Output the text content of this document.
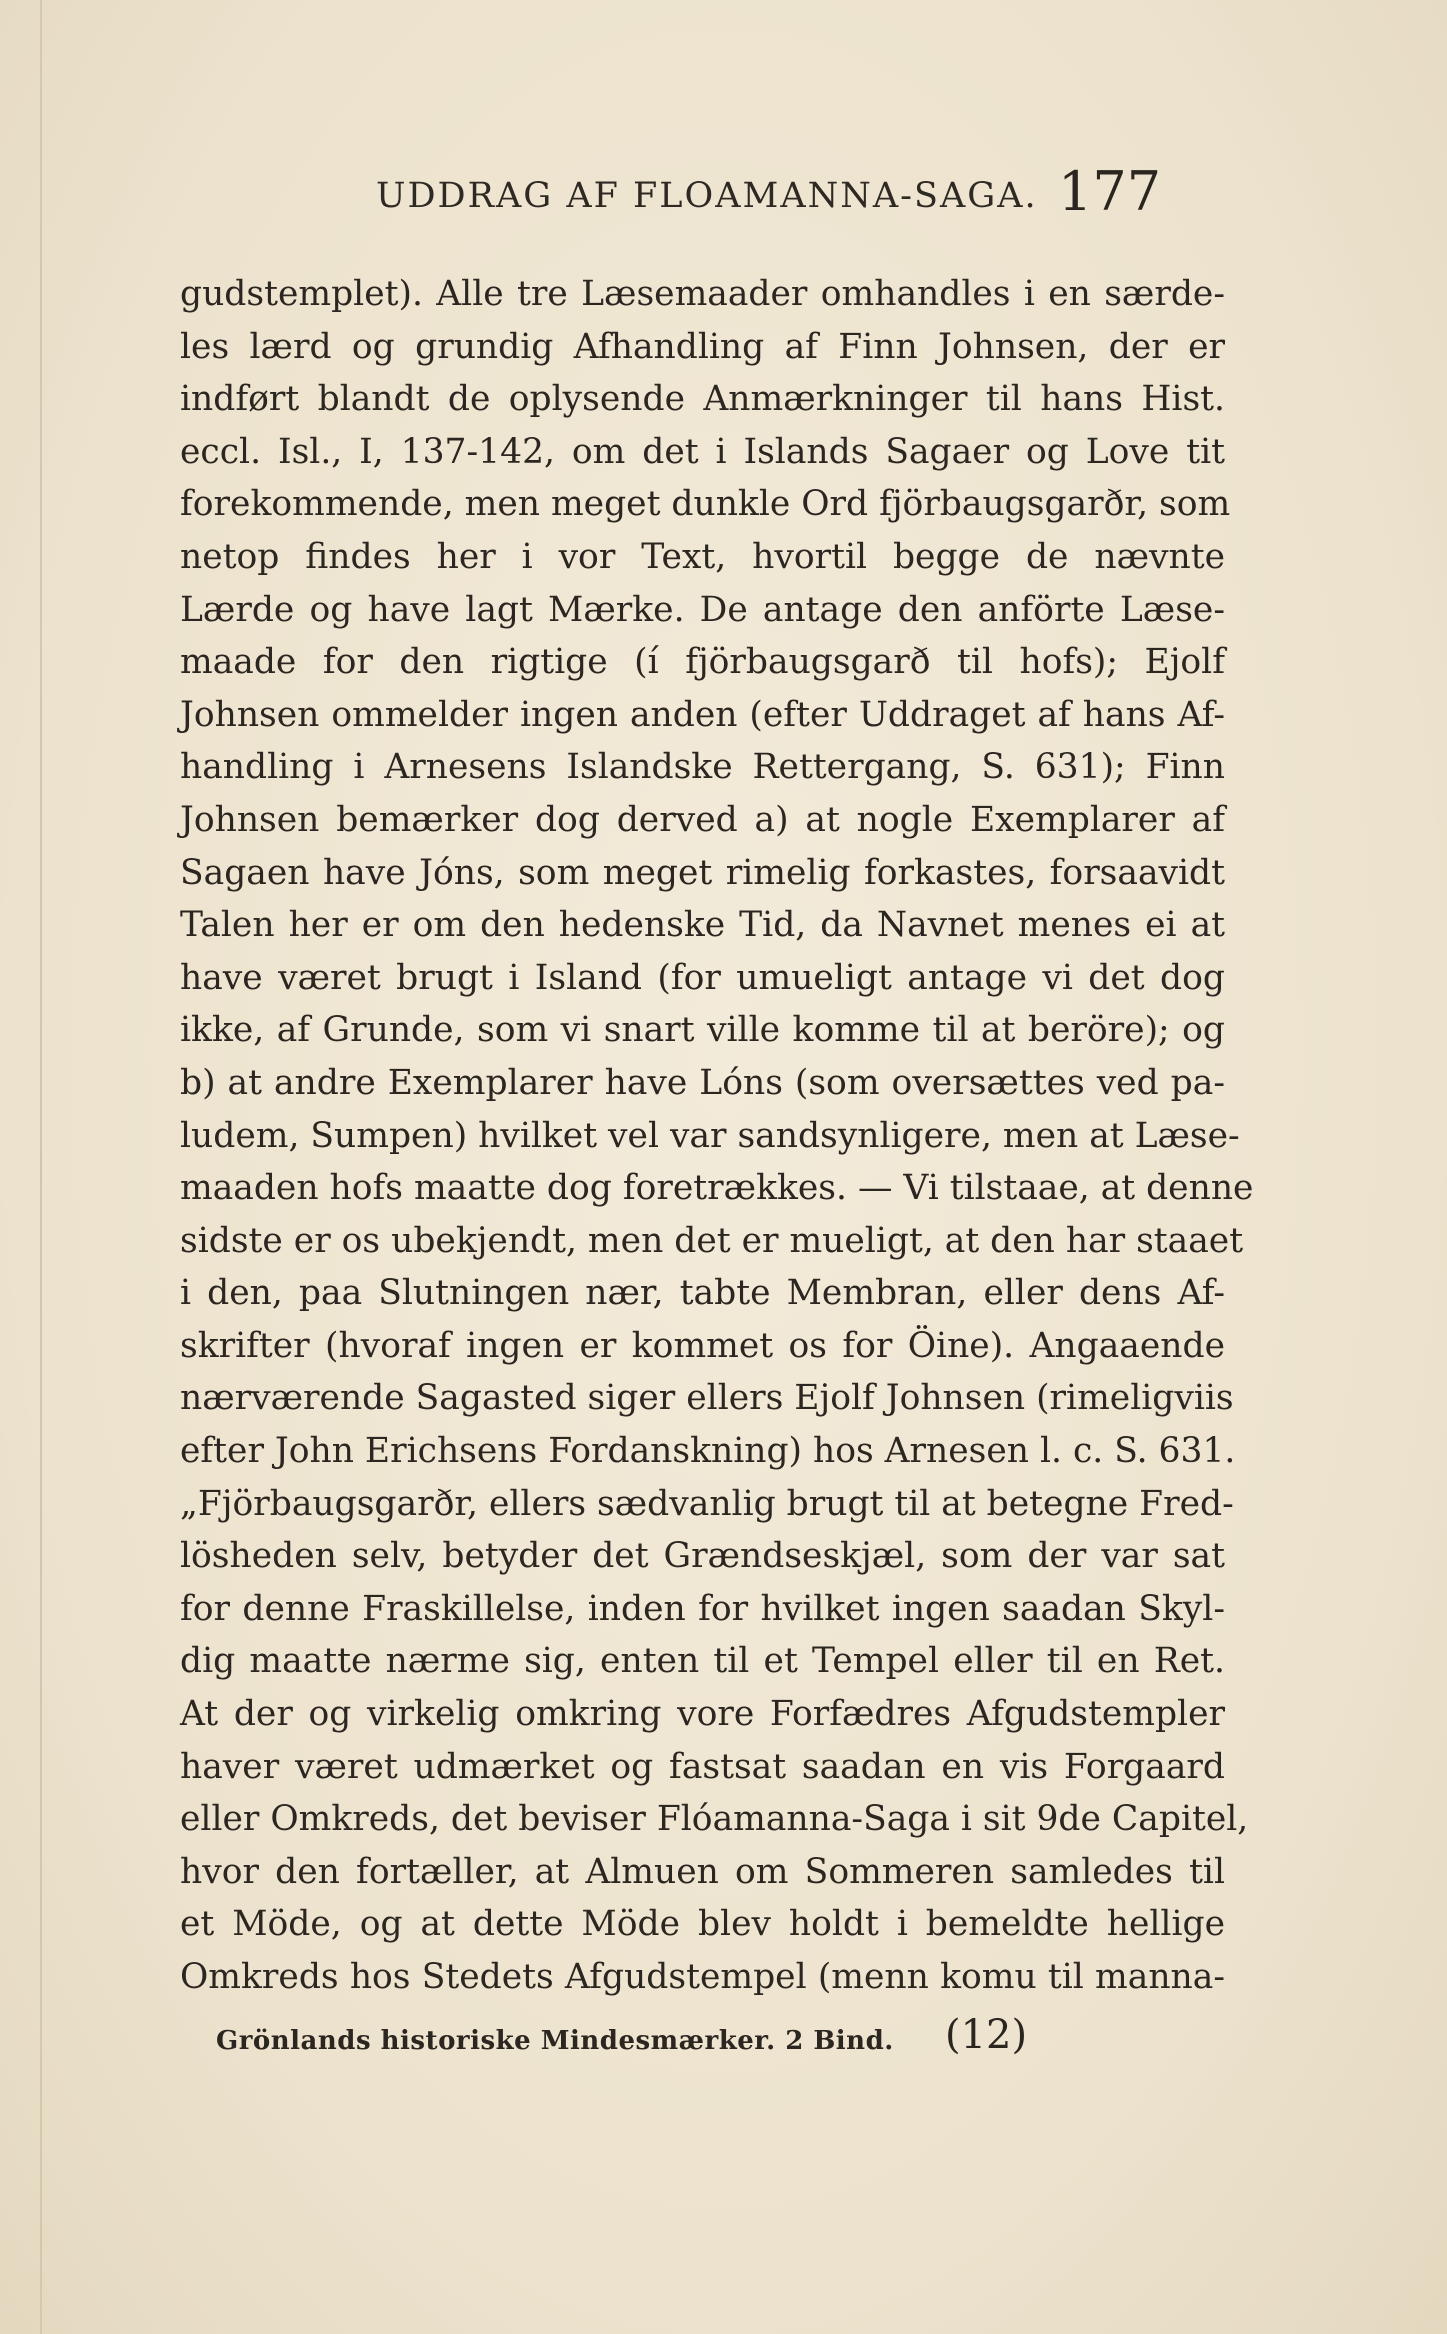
UDDRAG AF FLOAMANNA-SAGA. 177
gudstemplet). Alle tre Læsemaader omhandles i en særde-
les lærd og grundig Afhandling af Finn Johnsen, der er
indført blandt de oplysende Anmærkninger til hans Hist.
eccl. Isl., I, 137-142, om det i Islands Sagaer og Love tit
forekommende, men meget dunkle Ord fjörbaugsgarðr, som
netop findes her i vor Text, hvortil begge de nævnte
Lærde og have lagt Mærke. De antage den anförte Læse-
maade for den rigtige (í fjörbaugsgarð til hofs); Ejolf
Johnsen ommelder ingen anden (efter Uddraget af hans Af-
handling i Arnesens Islandske Rettergang, S. 631); Finn
Johnsen bemærker dog derved a) at nogle Exemplarer af
Sagaen have Jóns, som meget rimelig forkastes, forsaavidt
Talen her er om den hedenske Tid, da Navnet menes ei at
have været brugt i Island (for umueligt antage vi det dog
ikke, af Grunde, som vi snart ville komme til at beröre); og
b) at andre Exemplarer have Lóns (som oversættes ved pa-
ludem, Sumpen) hvilket vel var sandsynligere, men at Læse-
maaden hofs maatte dog foretrækkes. — Vi tilstaae, at denne
sidste er os ubekjendt, men det er mueligt, at den har staaet
i den, paa Slutningen nær, tabte Membran, eller dens Af-
skrifter (hvoraf ingen er kommet os for Öine). Angaaende
nærværende Sagasted siger ellers Ejolf Johnsen (rimeligviis
efter John Erichsens Fordanskning) hos Arnesen l. c. S. 631.
„Fjörbaugsgarðr, ellers sædvanlig brugt til at betegne Fred-
lösheden selv, betyder det Grændseskjæl, som der var sat
for denne Fraskillelse, inden for hvilket ingen saadan Skyl-
dig maatte nærme sig, enten til et Tempel eller til en Ret.
At der og virkelig omkring vore Forfædres Afgudstempler
haver været udmærket og fastsat saadan en vis Forgaard
eller Omkreds, det beviser Flóamanna-Saga i sit 9de Capitel,
hvor den fortæller, at Almuen om Sommeren samledes til
et Möde, og at dette Möde blev holdt i bemeldte hellige
Omkreds hos Stedets Afgudstempel (menn komu til manna-
Grönlands historiske Mindesmærker. 2 Bind. (12)
